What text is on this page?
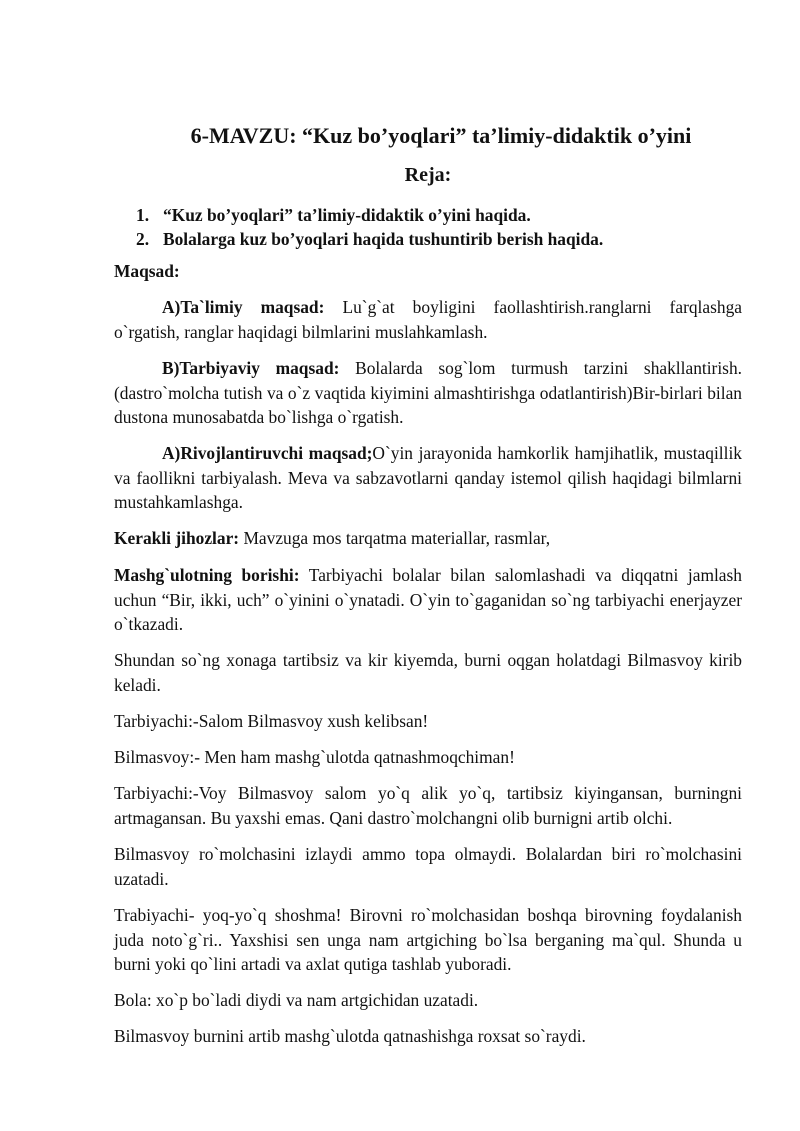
6-MAVZU: “Kuz bo’yoqlari” ta’limiy-didaktik o’yini
Reja:
1. “Kuz bo’yoqlari” ta’limiy-didaktik o’yini haqida.
2. Bolalarga kuz bo’yoqlari haqida tushuntirib berish haqida.

Maqsad:

A)Ta`limiy maqsad: Lu`g`at boyligini faollashtirish.ranglarni farqlashga o`rgatish, ranglar haqidagi bilmlarini muslahkamlash.

B)Tarbiyaviy maqsad: Bolalarda sog`lom turmush tarzini shakllantirish. (dastro`molcha tutish va o`z vaqtida kiyimini almashtirishga odatlantirish)Bir-birlari bilan dustona munosabatda bo`lishga o`rgatish.

A)Rivojlantiruvchi maqsad;O`yin jarayonida hamkorlik hamjihatlik, mustaqillik va faollikni tarbiyalash. Meva va sabzavotlarni qanday istemol qilish haqidagi bilmlarni mustahkamlashga.

Kerakli jihozlar: Mavzuga mos tarqatma materiallar, rasmlar,

Mashg`ulotning borishi: Tarbiyachi bolalar bilan salomlashadi va diqqatni jamlash uchun “Bir, ikki, uch” o`yinini o`ynatadi. O`yin to`gaganidan so`ng tarbiyachi enerjayzer o`tkazadi.

Shundan so`ng xonaga tartibsiz va kir kiyemda, burni oqgan holatdagi Bilmasvoy kirib keladi.

Tarbiyachi:-Salom Bilmasvoy xush kelibsan!

Bilmasvoy:- Men ham mashg`ulotda qatnashmoqchiman!

Tarbiyachi:-Voy Bilmasvoy salom yo`q alik yo`q, tartibsiz kiyingansan, burningni artmagansan. Bu yaxshi emas. Qani dastro`molchangni olib burnigni artib olchi.

Bilmasvoy ro`molchasini izlaydi ammo topa olmaydi. Bolalardan biri ro`molchasini uzatadi.

Trabiyachi- yoq-yo`q shoshma! Birovni ro`molchasidan boshqa birovning foydalanish juda noto`g`ri.. Yaxshisi sen unga nam artgiching bo`lsa berganing ma`qul. Shunda u burni yoki qo`lini artadi va axlat qutiga tashlab yuboradi.

Bola: xo`p bo`ladi diydi va nam artgichidan uzatadi.

Bilmasvoy burnini artib mashg`ulotda qatnashishga roxsat so`raydi.
